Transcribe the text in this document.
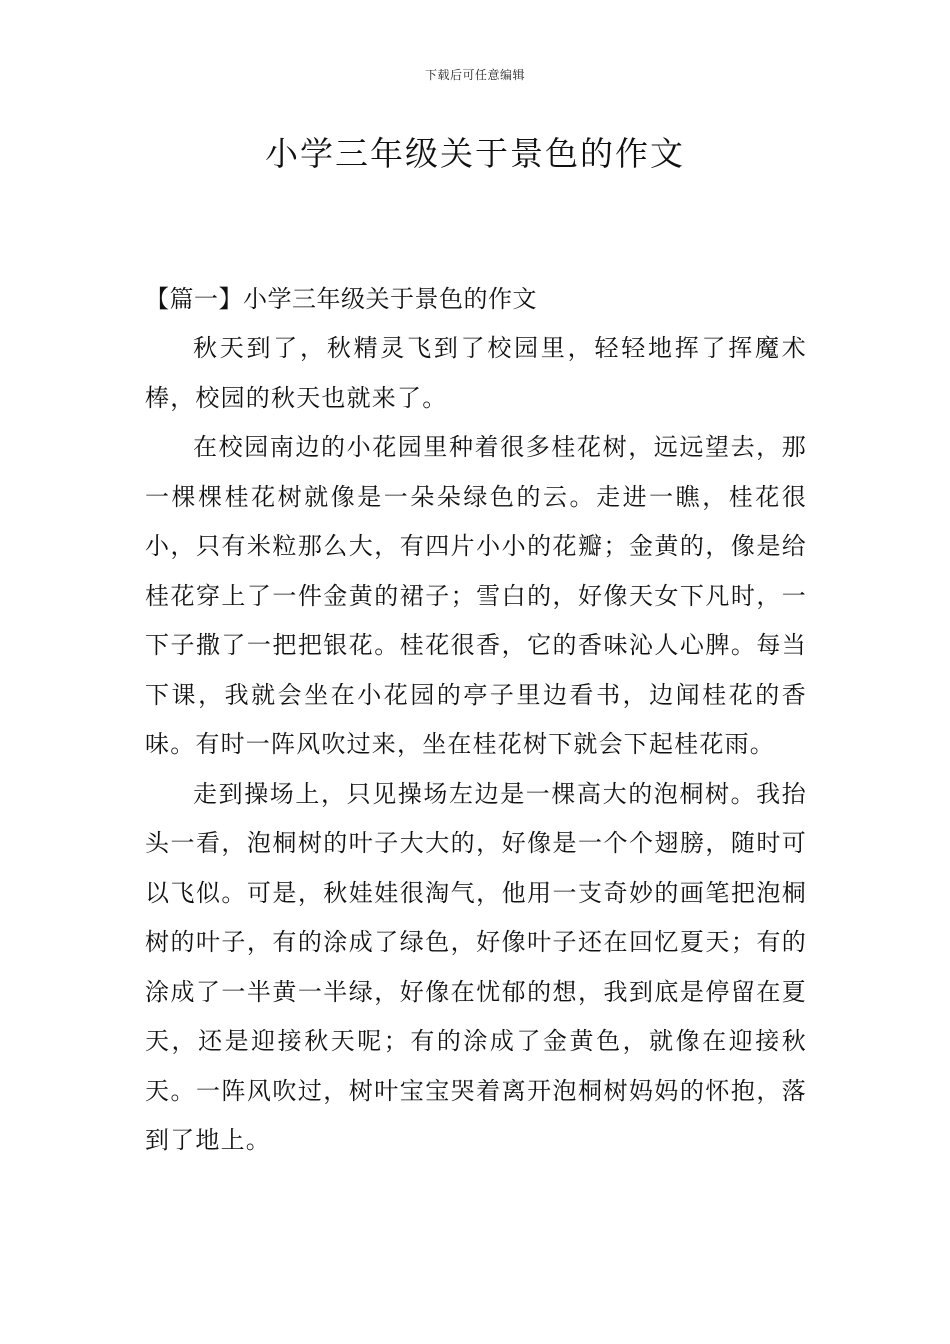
下载后可任意编辑
小学三年级关于景色的作文

【篇一】小学三年级关于景色的作文

秋天到了，秋精灵飞到了校园里，轻轻地挥了挥魔术棒，校园的秋天也就来了。

在校园南边的小花园里种着很多桂花树，远远望去，那一棵棵桂花树就像是一朵朵绿色的云。走进一瞧，桂花很小，只有米粒那么大，有四片小小的花瓣；金黄的，像是给桂花穿上了一件金黄的裙子；雪白的，好像天女下凡时，一下子撒了一把把银花。桂花很香，它的香味沁人心脾。每当下课，我就会坐在小花园的亭子里边看书，边闻桂花的香味。有时一阵风吹过来，坐在桂花树下就会下起桂花雨。

走到操场上，只见操场左边是一棵高大的泡桐树。我抬头一看，泡桐树的叶子大大的，好像是一个个翅膀，随时可以飞似。可是，秋娃娃很淘气，他用一支奇妙的画笔把泡桐树的叶子，有的涂成了绿色，好像叶子还在回忆夏天；有的涂成了一半黄一半绿，好像在忧郁的想，我到底是停留在夏天，还是迎接秋天呢；有的涂成了金黄色，就像在迎接秋天。一阵风吹过，树叶宝宝哭着离开泡桐树妈妈的怀抱，落到了地上。
